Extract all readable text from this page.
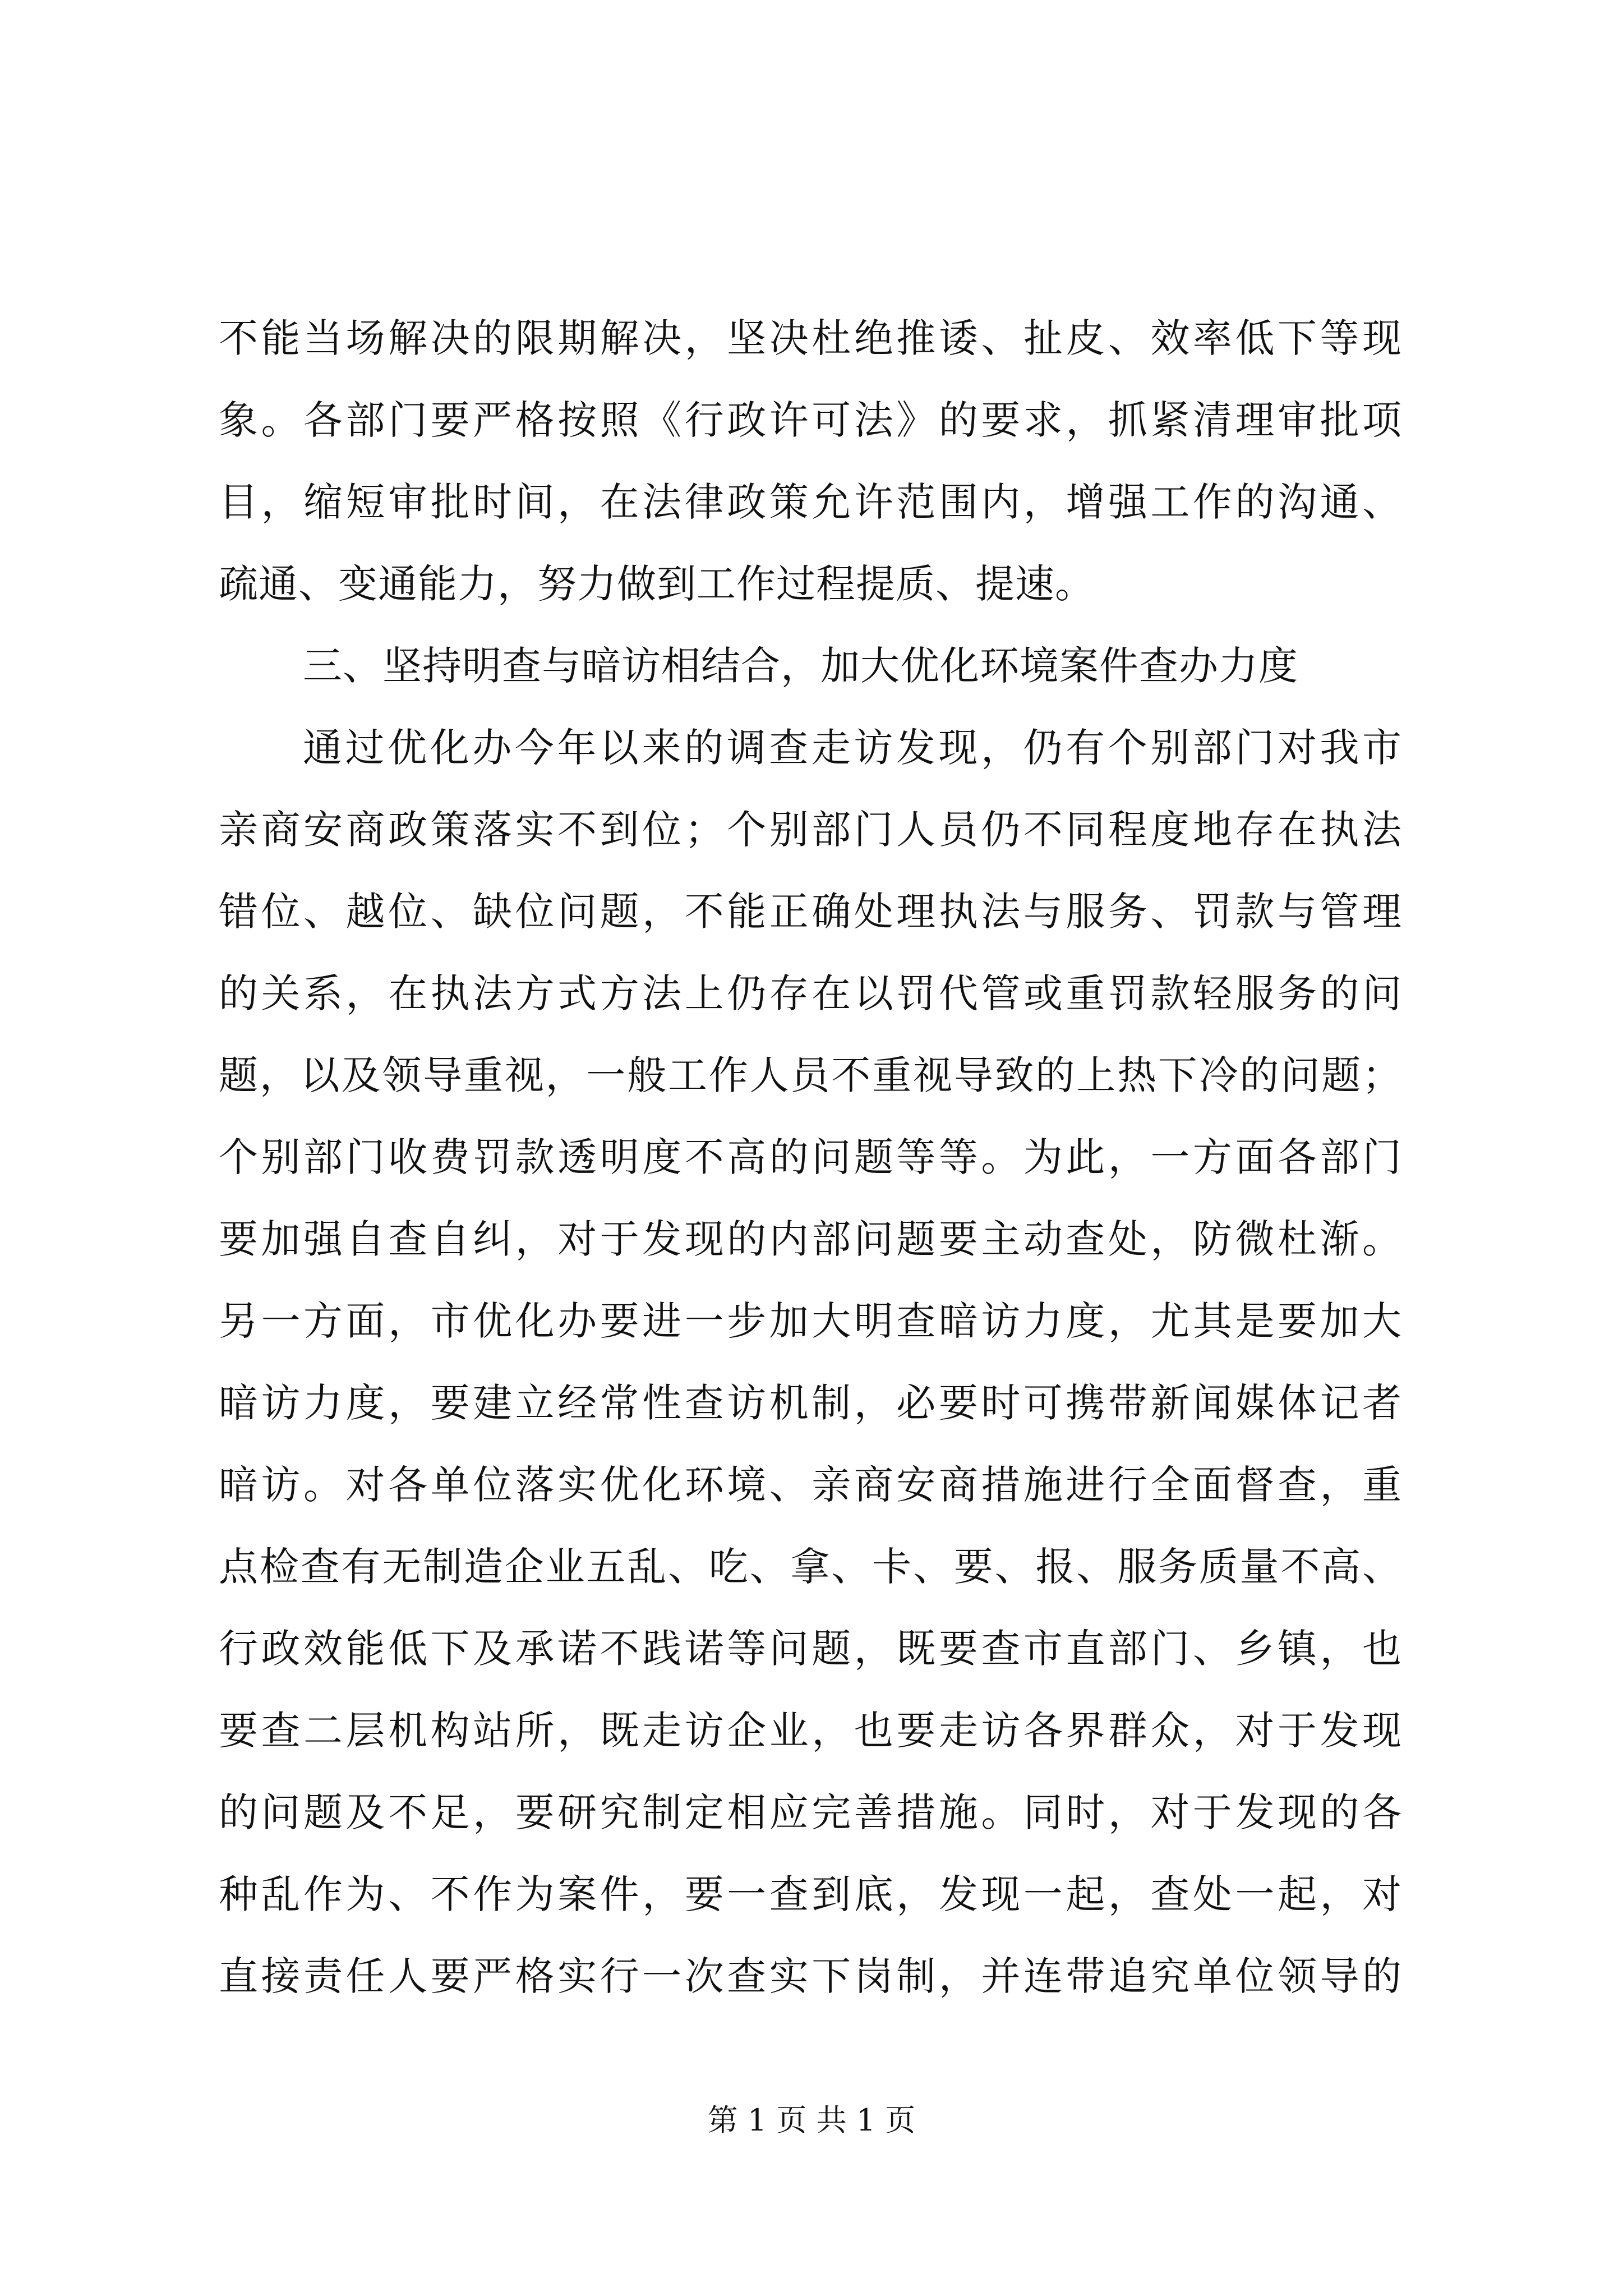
不能当场解决的限期解决，坚决杜绝推诿、扯皮、效率低下等现
象。各部门要严格按照《行政许可法》的要求，抓紧清理审批项
目，缩短审批时间，在法律政策允许范围内，增强工作的沟通、
疏通、变通能力，努力做到工作过程提质、提速。
三、坚持明查与暗访相结合，加大优化环境案件查办力度
通过优化办今年以来的调查走访发现，仍有个别部门对我市
亲商安商政策落实不到位；个别部门人员仍不同程度地存在执法
错位、越位、缺位问题，不能正确处理执法与服务、罚款与管理
的关系，在执法方式方法上仍存在以罚代管或重罚款轻服务的问
题，以及领导重视，一般工作人员不重视导致的上热下冷的问题；
个别部门收费罚款透明度不高的问题等等。为此，一方面各部门
要加强自查自纠，对于发现的内部问题要主动查处，防微杜渐。
另一方面，市优化办要进一步加大明查暗访力度，尤其是要加大
暗访力度，要建立经常性查访机制，必要时可携带新闻媒体记者
暗访。对各单位落实优化环境、亲商安商措施进行全面督查，重
点检查有无制造企业五乱、吃、拿、卡、要、报、服务质量不高、
行政效能低下及承诺不践诺等问题，既要查市直部门、乡镇，也
要查二层机构站所，既走访企业，也要走访各界群众，对于发现
的问题及不足，要研究制定相应完善措施。同时，对于发现的各
种乱作为、不作为案件，要一查到底，发现一起，查处一起，对
直接责任人要严格实行一次查实下岗制，并连带追究单位领导的
第 1 页 共 1 页
